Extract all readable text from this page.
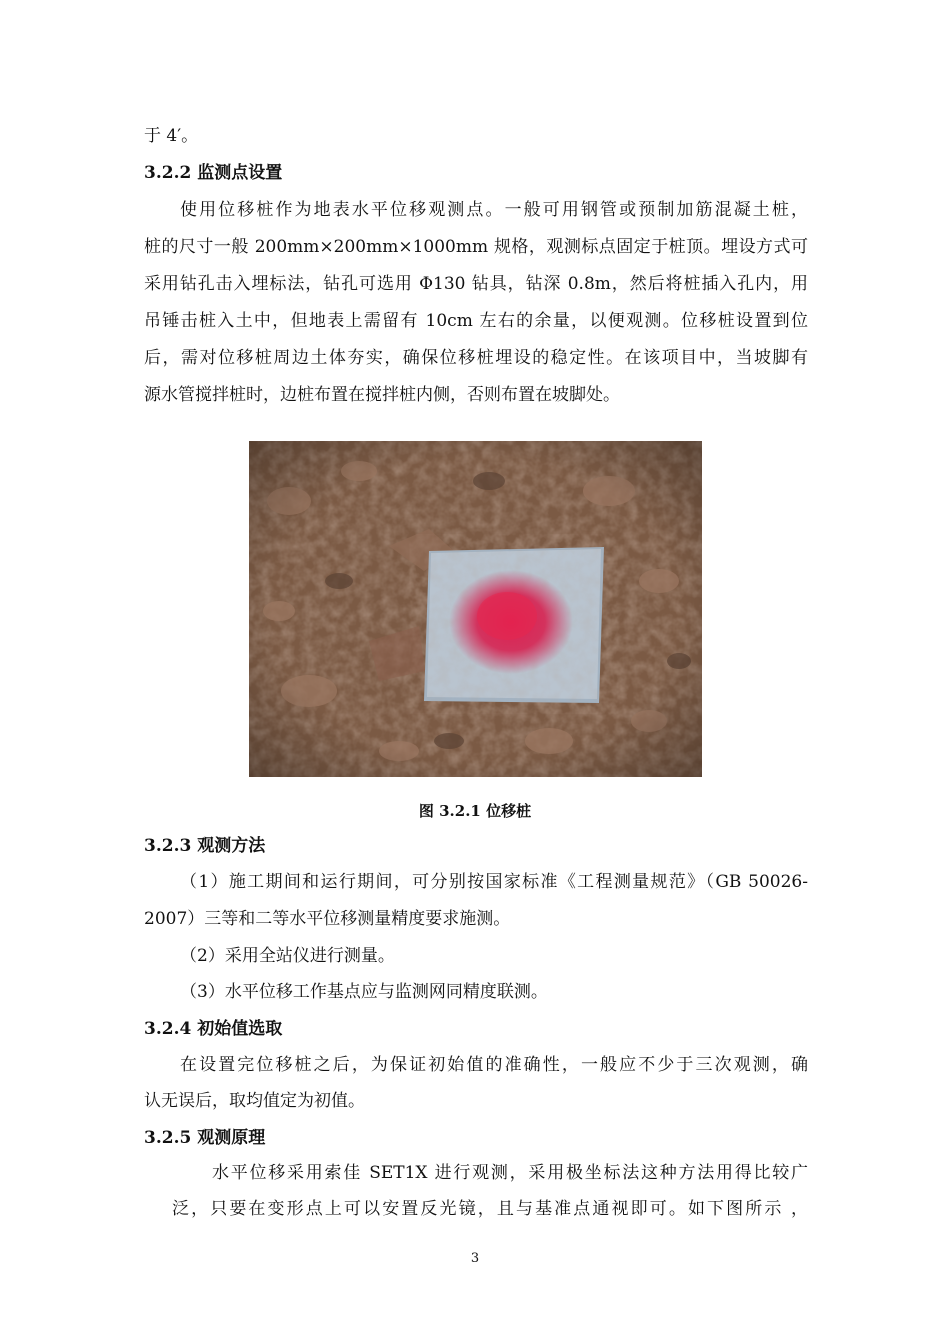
于 4′。
3.2.2 监测点设置
使用位移桩作为地表水平位移观测点。一般可用钢管或预制加筋混凝土桩，
桩的尺寸一般 200mm×200mm×1000mm 规格，观测标点固定于桩顶。埋设方式可
采用钻孔击入埋标法，钻孔可选用 Φ130 钻具，钻深 0.8m，然后将桩插入孔内，用
吊锤击桩入土中，但地表上需留有 10cm 左右的余量，以便观测。位移桩设置到位
后，需对位移桩周边土体夯实，确保位移桩埋设的稳定性。在该项目中，当坡脚有
源水管搅拌桩时，边桩布置在搅拌桩内侧，否则布置在坡脚处。
图 3.2.1 位移桩
3.2.3 观测方法
（1）施工期间和运行期间，可分别按国家标准《工程测量规范》（GB 50026-
2007）三等和二等水平位移测量精度要求施测。
（2）采用全站仪进行测量。
（3）水平位移工作基点应与监测网同精度联测。
3.2.4 初始值选取
在设置完位移桩之后，为保证初始值的准确性，一般应不少于三次观测，确
认无误后，取均值定为初值。
3.2.5 观测原理
水平位移采用索佳 SET1X 进行观测，采用极坐标法这种方法用得比较广
泛，只要在变形点上可以安置反光镜，且与基准点通视即可。如下图所示 ，
3
